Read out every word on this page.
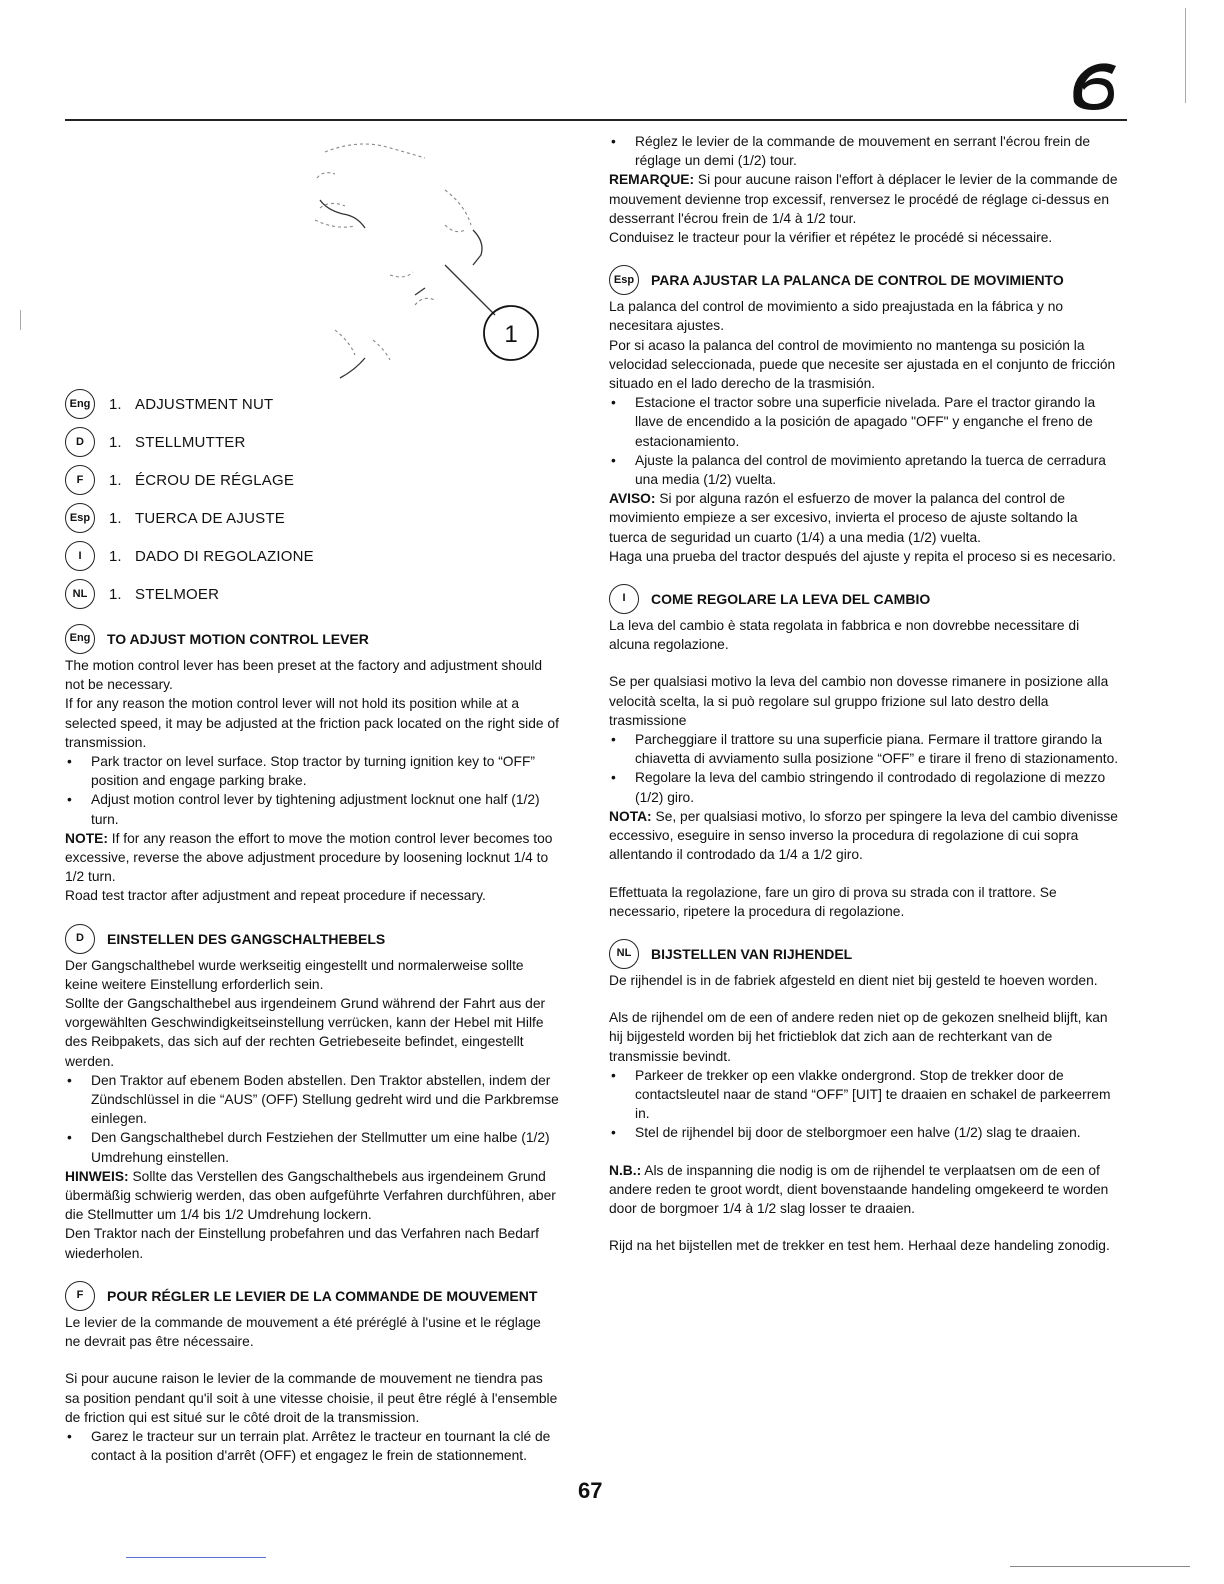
6
1
Eng	1. ADJUSTMENT NUT
D	1. STELLMUTTER
F	1. ÉCROU DE RÉGLAGE
Esp	1. TUERCA DE AJUSTE
I	1. DADO DI REGOLAZIONE
NL	1. STELMOER
Eng	TO ADJUST MOTION CONTROL LEVER

The motion control lever has been preset at the factory and adjustment should not be necessary.

If for any reason the motion control lever will not hold its position while at a selected speed, it may be adjusted at the friction pack located on the right side of transmission.

• Park tractor on level surface. Stop tractor by turning ignition key to “OFF” position and engage parking brake.
• Adjust motion control lever by tightening adjustment locknut one half (1/2) turn.

NOTE: If for any reason the effort to move the motion control lever becomes too excessive, reverse the above adjustment procedure by loosening locknut 1/4 to 1/2 turn.

Road test tractor after adjustment and repeat procedure if necessary.

D	EINSTELLEN DES GANGSCHALTHEBELS

Der Gangschalthebel wurde werkseitig eingestellt und normalerweise sollte keine weitere Einstellung erforderlich sein.

Sollte der Gangschalthebel aus irgendeinem Grund während der Fahrt aus der vorgewählten Geschwindigkeitseinstellung verrücken, kann der Hebel mit Hilfe des Reibpakets, das sich auf der rechten Getriebeseite befindet, eingestellt werden.

• Den Traktor auf ebenem Boden abstellen. Den Traktor abstellen, indem der Zündschlüssel in die “AUS” (OFF) Stellung gedreht wird und die Parkbremse einlegen.
• Den Gangschalthebel durch Festziehen der Stellmutter um eine halbe (1/2) Umdrehung einstellen.

HINWEIS: Sollte das Verstellen des Gangschalthebels aus irgendeinem Grund übermäßig schwierig werden, das oben aufgeführte Verfahren durchführen, aber die Stellmutter um 1/4 bis 1/2 Umdrehung lockern.

Den Traktor nach der Einstellung probefahren und das Verfahren nach Bedarf wiederholen.

F	POUR RÉGLER LE LEVIER DE LA COMMANDE DE MOUVEMENT

Le levier de la commande de mouvement a été préréglé à l'usine et le réglage ne devrait pas être nécessaire.

Si pour aucune raison le levier de la commande de mouvement ne tiendra pas sa position pendant qu'il soit à une vitesse choisie, il peut être réglé à l'ensemble de friction qui est situé sur le côté droit de la transmission.

• Garez le tracteur sur un terrain plat. Arrêtez le tracteur en tournant la clé de contact à la position d'arrêt (OFF) et engagez le frein de stationnement.
• Réglez le levier de la commande de mouvement en serrant l'écrou frein de réglage un demi (1/2) tour.

REMARQUE: Si pour aucune raison l'effort à déplacer le levier de la commande de mouvement devienne trop excessif, renversez le procédé de réglage ci-dessus en desserrant l'écrou frein de 1/4 à 1/2 tour.

Conduisez le tracteur pour la vérifier et répétez le procédé si nécessaire.

Esp	PARA AJUSTAR LA PALANCA DE CONTROL DE MOVIMIENTO

La palanca del control de movimiento a sido preajustada en la fábrica y no necesitara ajustes.

Por si acaso la palanca del control de movimiento no mantenga su posición la velocidad seleccionada, puede que necesite ser ajustada en el conjunto de fricción situado en el lado derecho de la trasmisión.

• Estacione el tractor sobre una superficie nivelada. Pare el tractor girando la llave de encendido a la posición de apagado "OFF" y enganche el freno de estacionamiento.
• Ajuste la palanca del control de movimiento apretando la tuerca de cerradura una media (1/2) vuelta.

AVISO: Si por alguna razón el esfuerzo de mover la palanca del control de movimiento empieze a ser excesivo, invierta el proceso de ajuste soltando la tuerca de seguridad un cuarto (1/4) a una media (1/2) vuelta.

Haga una prueba del tractor después del ajuste y repita el proceso si es necesario.

I	COME REGOLARE LA LEVA DEL CAMBIO

La leva del cambio è stata regolata in fabbrica e non dovrebbe necessitare di alcuna regolazione.

Se per qualsiasi motivo la leva del cambio non dovesse rimanere in posizione alla velocità scelta, la si può regolare sul gruppo frizione sul lato destro della trasmissione

• Parcheggiare il trattore su una superficie piana. Fermare il trattore girando la chiavetta di avviamento sulla posizione “OFF” e tirare il freno di stazionamento.
• Regolare la leva del cambio stringendo il controdado di regolazione di mezzo (1/2) giro.

NOTA: Se, per qualsiasi motivo, lo sforzo per spingere la leva del cambio divenisse eccessivo, eseguire in senso inverso la procedura di regolazione di cui sopra allentando il controdado da 1/4 a 1/2 giro.

Effettuata la regolazione, fare un giro di prova su strada con il trattore. Se necessario, ripetere la procedura di regolazione.

NL	BIJSTELLEN VAN RIJHENDEL

De rijhendel is in de fabriek afgesteld en dient niet bij gesteld te hoeven worden.

Als de rijhendel om de een of andere reden niet op de gekozen snelheid blijft, kan hij bijgesteld worden bij het frictieblok dat zich aan de rechterkant van de transmissie bevindt.

• Parkeer de trekker op een vlakke ondergrond. Stop de trekker door de contactsleutel naar de stand “OFF” [UIT] te draaien en schakel de parkeerrem in.
• Stel de rijhendel bij door de stelborgmoer een halve (1/2) slag te draaien.

N.B.: Als de inspanning die nodig is om de rijhendel te verplaatsen om de een of andere reden te groot wordt, dient bovenstaande handeling omgekeerd te worden door de borgmoer 1/4 à 1/2 slag losser te draaien.

Rijd na het bijstellen met de trekker en test hem. Herhaal deze handeling zonodig.

67
